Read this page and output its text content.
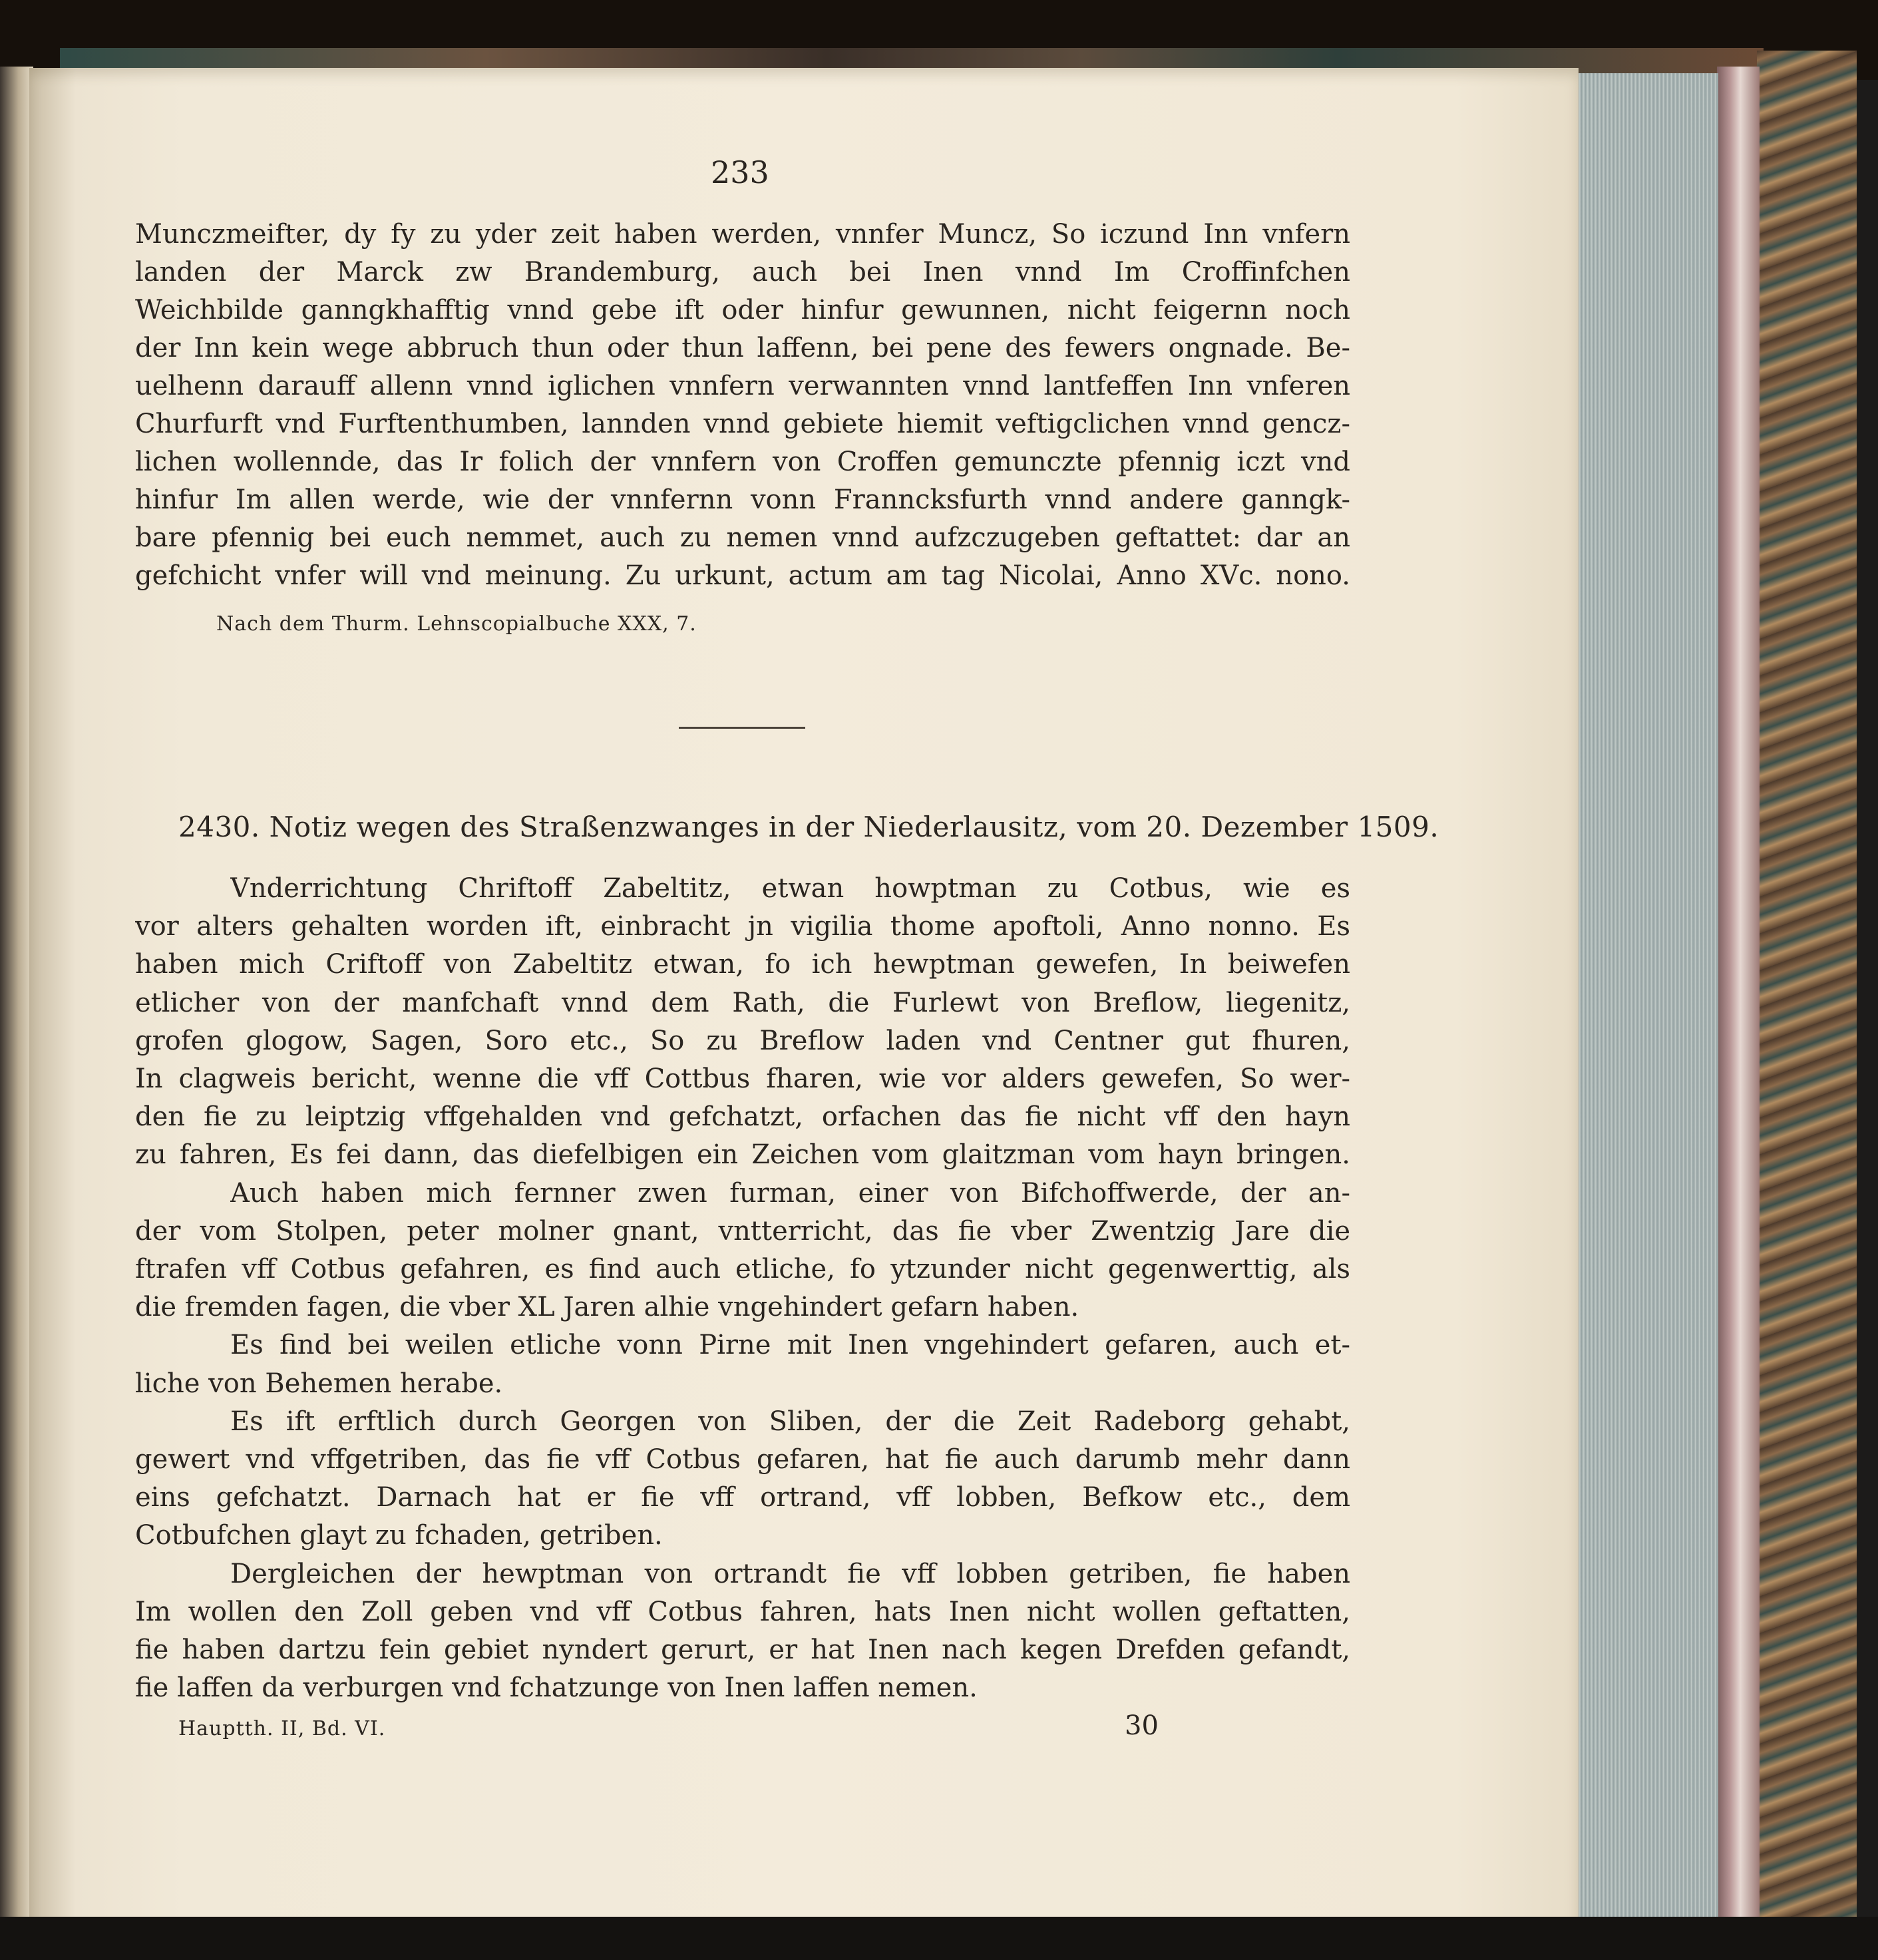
233
Munczmeifter, dy fy zu yder zeit haben werden, vnnfer Muncz, So iczund Inn vnfern
landen der Marck zw Brandemburg, auch bei Inen vnnd Im Croffinfchen
Weichbilde ganngkhafftig vnnd gebe ift oder hinfur gewunnen, nicht feigernn noch
der Inn kein wege abbruch thun oder thun laffenn, bei pene des fewers ongnade. Be-
uelhenn darauff allenn vnnd iglichen vnnfern verwannten vnnd lantfeffen Inn vnferen
Churfurft vnd Furftenthumben, lannden vnnd gebiete hiemit veftigclichen vnnd gencz-
lichen wollennde, das Ir folich der vnnfern von Croffen gemunczte pfennig iczt vnd
hinfur Im allen werde, wie der vnnfernn vonn Franncksfurth vnnd andere ganngk-
bare pfennig bei euch nemmet, auch zu nemen vnnd aufzczugeben geftattet: dar an
gefchicht vnfer will vnd meinung. Zu urkunt, actum am tag Nicolai, Anno XVc. nono.
Nach dem Thurm. Lehnscopialbuche XXX, 7.
2430. Notiz wegen des Straßenzwanges in der Niederlausitz, vom 20. Dezember 1509.
Vnderrichtung Chriftoff Zabeltitz, etwan howptman zu Cotbus, wie es
vor alters gehalten worden ift, einbracht jn vigilia thome apoftoli, Anno nonno. Es
haben mich Criftoff von Zabeltitz etwan, fo ich hewptman gewefen, In beiwefen
etlicher von der manfchaft vnnd dem Rath, die Furlewt von Breflow, liegenitz,
grofen glogow, Sagen, Soro etc., So zu Breflow laden vnd Centner gut fhuren,
In clagweis bericht, wenne die vff Cottbus fharen, wie vor alders gewefen, So wer-
den fie zu leiptzig vffgehalden vnd gefchatzt, orfachen das fie nicht vff den hayn
zu fahren, Es fei dann, das diefelbigen ein Zeichen vom glaitzman vom hayn bringen.
Auch haben mich fernner zwen furman, einer von Bifchoffwerde, der an-
der vom Stolpen, peter molner gnant, vntterricht, das fie vber Zwentzig Jare die
ftrafen vff Cotbus gefahren, es find auch etliche, fo ytzunder nicht gegenwerttig, als
die fremden fagen, die vber XL Jaren alhie vngehindert gefarn haben.
Es find bei weilen etliche vonn Pirne mit Inen vngehindert gefaren, auch et-
liche von Behemen herabe.
Es ift erftlich durch Georgen von Sliben, der die Zeit Radeborg gehabt,
gewert vnd vffgetriben, das fie vff Cotbus gefaren, hat fie auch darumb mehr dann
eins gefchatzt. Darnach hat er fie vff ortrand, vff lobben, Befkow etc., dem
Cotbufchen glayt zu fchaden, getriben.
Dergleichen der hewptman von ortrandt fie vff lobben getriben, fie haben
Im wollen den Zoll geben vnd vff Cotbus fahren, hats Inen nicht wollen geftatten,
fie haben dartzu fein gebiet nyndert gerurt, er hat Inen nach kegen Drefden gefandt,
fie laffen da verburgen vnd fchatzunge von Inen laffen nemen.
Hauptth. II, Bd. VI.	30
